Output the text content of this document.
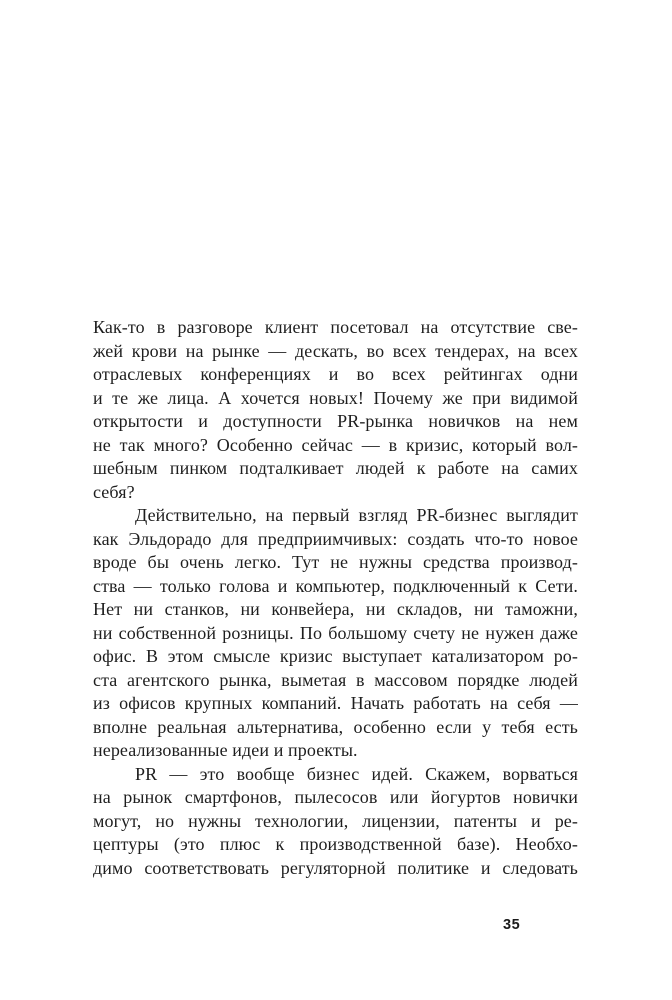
Как-то в разговоре клиент посетовал на отсутствие све-
жей крови на рынке — дескать, во всех тендерах, на всех
отраслевых конференциях и во всех рейтингах одни
и те же лица. А хочется новых! Почему же при видимой
открытости и доступности PR-рынка новичков на нем
не так много? Особенно сейчас — в кризис, который вол-
шебным пинком подталкивает людей к работе на самих
себя?
Действительно, на первый взгляд PR-бизнес выглядит
как Эльдорадо для предприимчивых: создать что-то новое
вроде бы очень легко. Тут не нужны средства производ-
ства — только голова и компьютер, подключенный к Сети.
Нет ни станков, ни конвейера, ни складов, ни таможни,
ни собственной розницы. По большому счету не нужен даже
офис. В этом смысле кризис выступает катализатором ро-
ста агентского рынка, выметая в массовом порядке людей
из офисов крупных компаний. Начать работать на себя —
вполне реальная альтернатива, особенно если у тебя есть
нереализованные идеи и проекты.
PR — это вообще бизнес идей. Скажем, ворваться
на рынок смартфонов, пылесосов или йогуртов новички
могут, но нужны технологии, лицензии, патенты и ре-
цептуры (это плюс к производственной базе). Необхо-
димо соответствовать регуляторной политике и следовать
35
